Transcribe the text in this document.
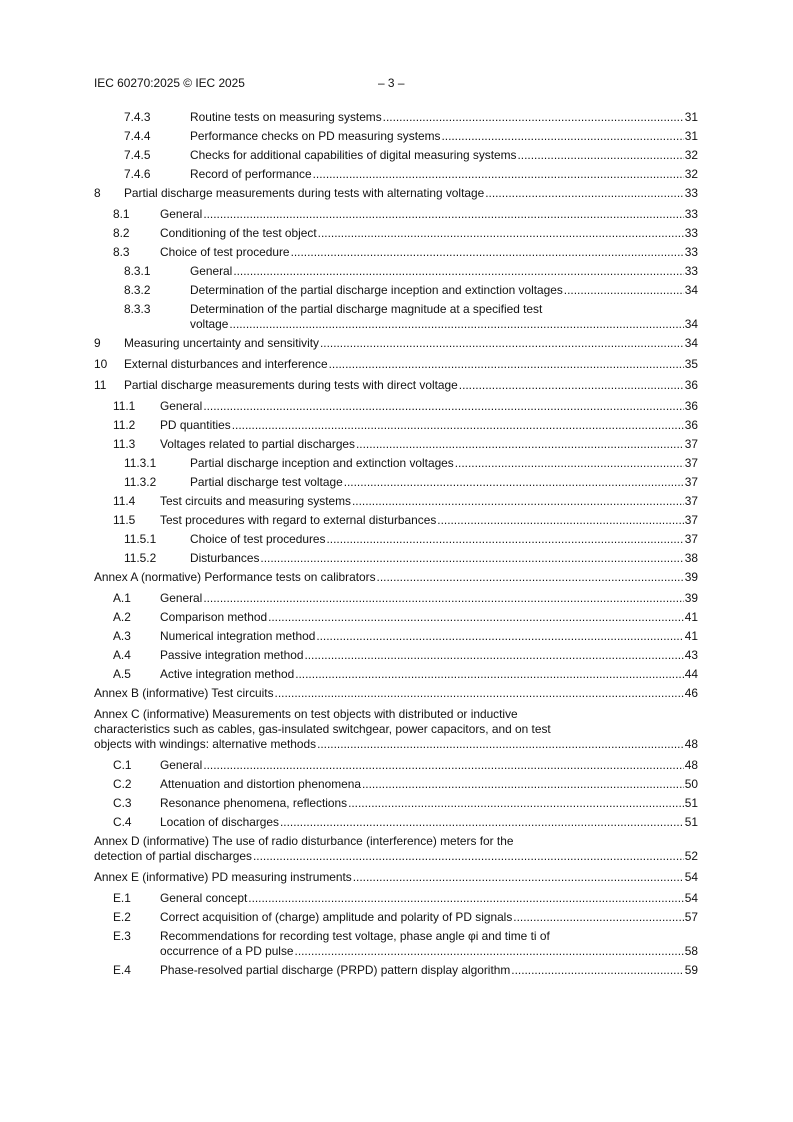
IEC 60270:2025 © IEC 2025	– 3 –
7.4.3	Routine tests on measuring systems .....	31
7.4.4	Performance checks on PD measuring systems .....	31
7.4.5	Checks for additional capabilities of digital measuring systems .....	32
7.4.6	Record of performance .....	32
8 Partial discharge measurements during tests with alternating voltage .....	33
8.1	General .....	33
8.2	Conditioning of the test object .....	33
8.3	Choice of test procedure .....	33
8.3.1	General .....	33
8.3.2	Determination of the partial discharge inception and extinction voltages .....	34
8.3.3	Determination of the partial discharge magnitude at a specified test
voltage .....	34
9 Measuring uncertainty and sensitivity .....	34
10 External disturbances and interference .....	35
11 Partial discharge measurements during tests with direct voltage .....	36
11.1 General .....	36
11.2 PD quantities .....	36
11.3 Voltages related to partial discharges .....	37
11.3.1	Partial discharge inception and extinction voltages .....	37
11.3.2	Partial discharge test voltage .....	37
11.4 Test circuits and measuring systems .....	37
11.5 Test procedures with regard to external disturbances .....	37
11.5.1	Choice of test procedures .....	37
11.5.2	Disturbances .....	38
Annex A (normative) Performance tests on calibrators .....	39
A.1 General .....	39
A.2 Comparison method .....	41
A.3 Numerical integration method .....	41
A.4 Passive integration method .....	43
A.5 Active integration method .....	44
Annex B (informative) Test circuits .....	46
Annex C (informative) Measurements on test objects with distributed or inductive
characteristics such as cables, gas-insulated switchgear, power capacitors, and on test
objects with windings: alternative methods .....	48
C.1 General .....	48
C.2 Attenuation and distortion phenomena .....	50
C.3 Resonance phenomena, reflections .....	51
C.4 Location of discharges .....	51
Annex D (informative) The use of radio disturbance (interference) meters for the
detection of partial discharges .....	52
Annex E (informative) PD measuring instruments .....	54
E.1 General concept .....	54
E.2 Correct acquisition of (charge) amplitude and polarity of PD signals .....	57
E.3 Recommendations for recording test voltage, phase angle φi and time ti of
occurrence of a PD pulse .....	58
E.4 Phase-resolved partial discharge (PRPD) pattern display algorithm .....	59
